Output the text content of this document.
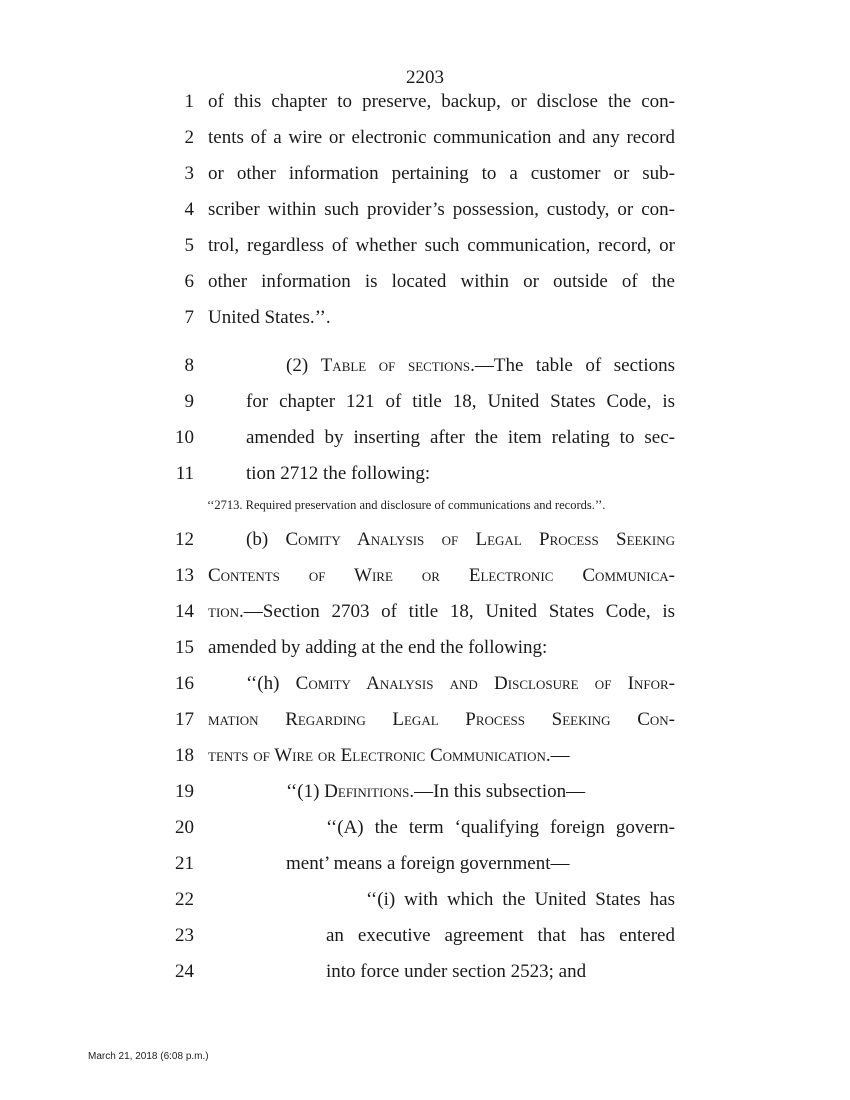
2203
1 of this chapter to preserve, backup, or disclose the con-
2 tents of a wire or electronic communication and any record
3 or other information pertaining to a customer or sub-
4 scriber within such provider’s possession, custody, or con-
5 trol, regardless of whether such communication, record, or
6 other information is located within or outside of the
7 United States.’’.
8	(2) Table of sections.—The table of sections
9	for chapter 121 of title 18, United States Code, is
10	amended by inserting after the item relating to sec-
11	tion 2712 the following:
12	(b) Comity Analysis of Legal Process Seeking
13 Contents of Wire or Electronic Communica-
14 tion.—Section 2703 of title 18, United States Code, is
15 amended by adding at the end the following:
16	‘‘(h) Comity Analysis and Disclosure of Infor-
17 mation Regarding Legal Process Seeking Con-
18 tents of Wire or Electronic Communication.—
19	‘‘(1) Definitions.—In this subsection—
20	‘‘(A) the term ‘qualifying foreign govern-
21	ment’ means a foreign government—
22	‘‘(i) with which the United States has
23	an executive agreement that has entered
24	into force under section 2523; and
‘‘2713. Required preservation and disclosure of communications and records.’’.
March 21, 2018 (6:08 p.m.)
